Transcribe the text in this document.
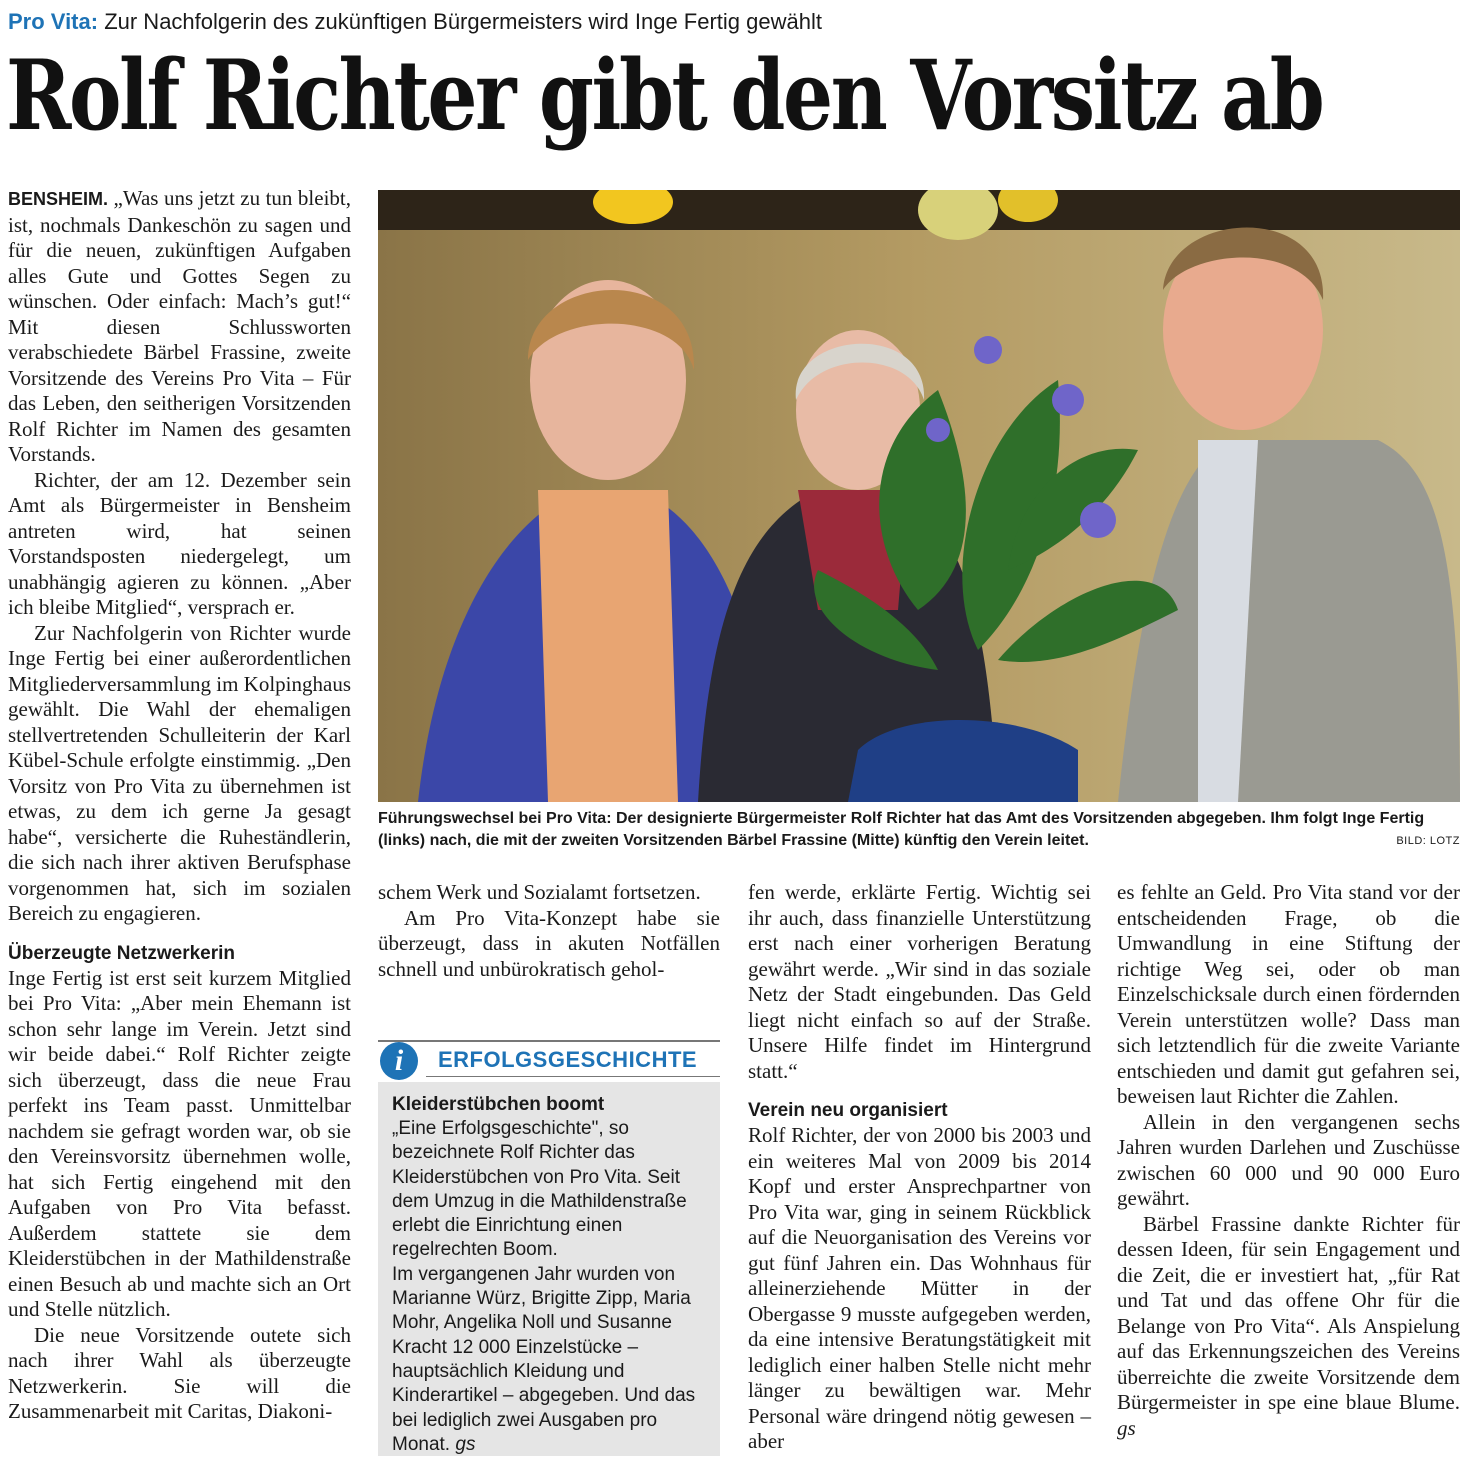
Pro Vita: Zur Nachfolgerin des zukünftigen Bürgermeisters wird Inge Fertig gewählt
Rolf Richter gibt den Vorsitz ab

BENSHEIM. „Was uns jetzt zu tun bleibt, ist, nochmals Dankeschön zu sagen und für die neuen, zukünftigen Aufgaben alles Gute und Gottes Segen zu wünschen. Oder einfach: Mach’s gut!“ Mit diesen Schlussworten verabschiedete Bärbel Frassine, zweite Vorsitzende des Vereins Pro Vita – Für das Leben, den seitherigen Vorsitzenden Rolf Richter im Namen des gesamten Vorstands.

Richter, der am 12. Dezember sein Amt als Bürgermeister in Bensheim antreten wird, hat seinen Vorstandsposten niedergelegt, um unabhängig agieren zu können. „Aber ich bleibe Mitglied“, versprach er.

Zur Nachfolgerin von Richter wurde Inge Fertig bei einer außerordentlichen Mitgliederversammlung im Kolpinghaus gewählt. Die Wahl der ehemaligen stellvertretenden Schulleiterin der Karl Kübel-Schule erfolgte einstimmig. „Den Vorsitz von Pro Vita zu übernehmen ist etwas, zu dem ich gerne Ja gesagt habe“, versicherte die Ruheständlerin, die sich nach ihrer aktiven Berufsphase vorgenommen hat, sich im sozialen Bereich zu engagieren.

Überzeugte Netzwerkerin

Inge Fertig ist erst seit kurzem Mitglied bei Pro Vita: „Aber mein Ehemann ist schon sehr lange im Verein. Jetzt sind wir beide dabei.“ Rolf Richter zeigte sich überzeugt, dass die neue Frau perfekt ins Team passt. Unmittelbar nachdem sie gefragt worden war, ob sie den Vereinsvorsitz übernehmen wolle, hat sich Fertig eingehend mit den Aufgaben von Pro Vita befasst. Außerdem stattete sie dem Kleiderstübchen in der Mathildenstraße einen Besuch ab und machte sich an Ort und Stelle nützlich.

Die neue Vorsitzende outete sich nach ihrer Wahl als überzeugte Netzwerkerin. Sie will die Zusammenarbeit mit Caritas, Diakoni-

Führungswechsel bei Pro Vita: Der designierte Bürgermeister Rolf Richter hat das Amt des Vorsitzenden abgegeben. Ihm folgt Inge Fertig (links) nach, die mit der zweiten Vorsitzenden Bärbel Frassine (Mitte) künftig den Verein leitet.	BILD: LOTZ

schem Werk und Sozialamt fortsetzen.

Am Pro Vita-Konzept habe sie überzeugt, dass in akuten Notfällen schnell und unbürokratisch gehol-

i	ERFOLGSGESCHICHTE
Kleiderstübchen boomt
„Eine Erfolgsgeschichte", so bezeichnete Rolf Richter das Kleiderstübchen von Pro Vita. Seit dem Umzug in die Mathildenstraße erlebt die Einrichtung einen regelrechten Boom.
Im vergangenen Jahr wurden von Marianne Würz, Brigitte Zipp, Maria Mohr, Angelika Noll und Susanne Kracht 12 000 Einzelstücke – hauptsächlich Kleidung und Kinderartikel – abgegeben. Und das bei lediglich zwei Ausgaben pro Monat. gs

fen werde, erklärte Fertig. Wichtig sei ihr auch, dass finanzielle Unterstützung erst nach einer vorherigen Beratung gewährt werde. „Wir sind in das soziale Netz der Stadt eingebunden. Das Geld liegt nicht einfach so auf der Straße. Unsere Hilfe findet im Hintergrund statt.“

Verein neu organisiert

Rolf Richter, der von 2000 bis 2003 und ein weiteres Mal von 2009 bis 2014 Kopf und erster Ansprechpartner von Pro Vita war, ging in seinem Rückblick auf die Neuorganisation des Vereins vor gut fünf Jahren ein. Das Wohnhaus für alleinerziehende Mütter in der Obergasse 9 musste aufgegeben werden, da eine intensive Beratungstätigkeit mit lediglich einer halben Stelle nicht mehr länger zu bewältigen war. Mehr Personal wäre dringend nötig gewesen – aber

es fehlte an Geld. Pro Vita stand vor der entscheidenden Frage, ob die Umwandlung in eine Stiftung der richtige Weg sei, oder ob man Einzelschicksale durch einen fördernden Verein unterstützen wolle? Dass man sich letztendlich für die zweite Variante entschieden und damit gut gefahren sei, beweisen laut Richter die Zahlen.

Allein in den vergangenen sechs Jahren wurden Darlehen und Zuschüsse zwischen 60 000 und 90 000 Euro gewährt.

Bärbel Frassine dankte Richter für dessen Ideen, für sein Engagement und die Zeit, die er investiert hat, „für Rat und Tat und das offene Ohr für die Belange von Pro Vita“. Als Anspielung auf das Erkennungszeichen des Vereins überreichte die zweite Vorsitzende dem Bürgermeister in spe eine blaue Blume. gs
